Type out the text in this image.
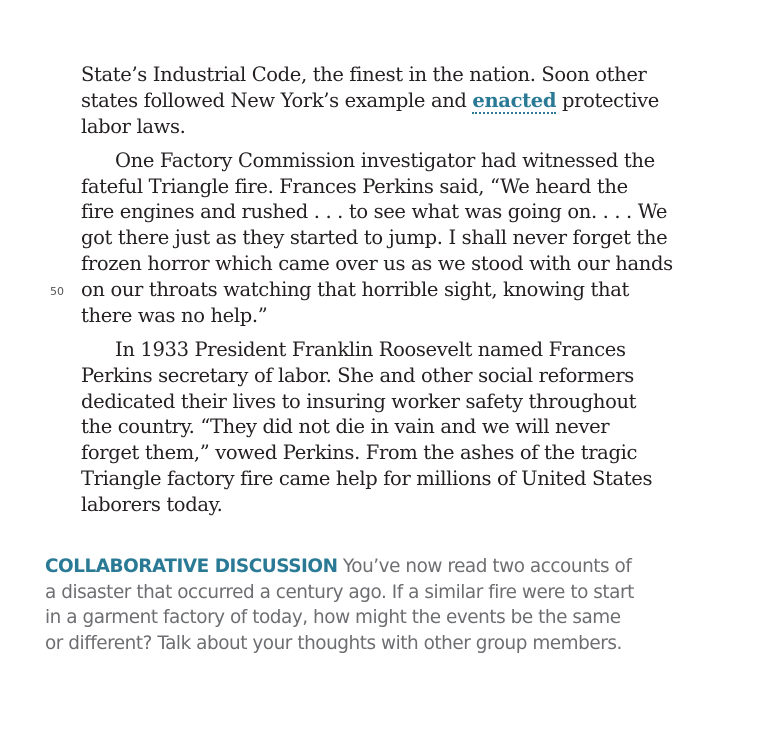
State’s Industrial Code, the finest in the nation. Soon other

states followed New York’s example and enacted protective

labor laws.

One Factory Commission investigator had witnessed the

fateful Triangle fire. Frances Perkins said, “We heard the

fire engines and rushed . . . to see what was going on. . . . We

got there just as they started to jump. I shall never forget the

frozen horror which came over us as we stood with our hands

on our throats watching that horrible sight, knowing that

there was no help.”

In 1933 President Franklin Roosevelt named Frances

Perkins secretary of labor. She and other social reformers

dedicated their lives to insuring worker safety throughout

the country. “They did not die in vain and we will never

forget them,” vowed Perkins. From the ashes of the tragic

Triangle factory fire came help for millions of United States

laborers today.

50

COLLABORATIVE DISCUSSION You’ve now read two accounts of

a disaster that occurred a century ago. If a similar fire were to start

in a garment factory of today, how might the events be the same

or different? Talk about your thoughts with other group members.
